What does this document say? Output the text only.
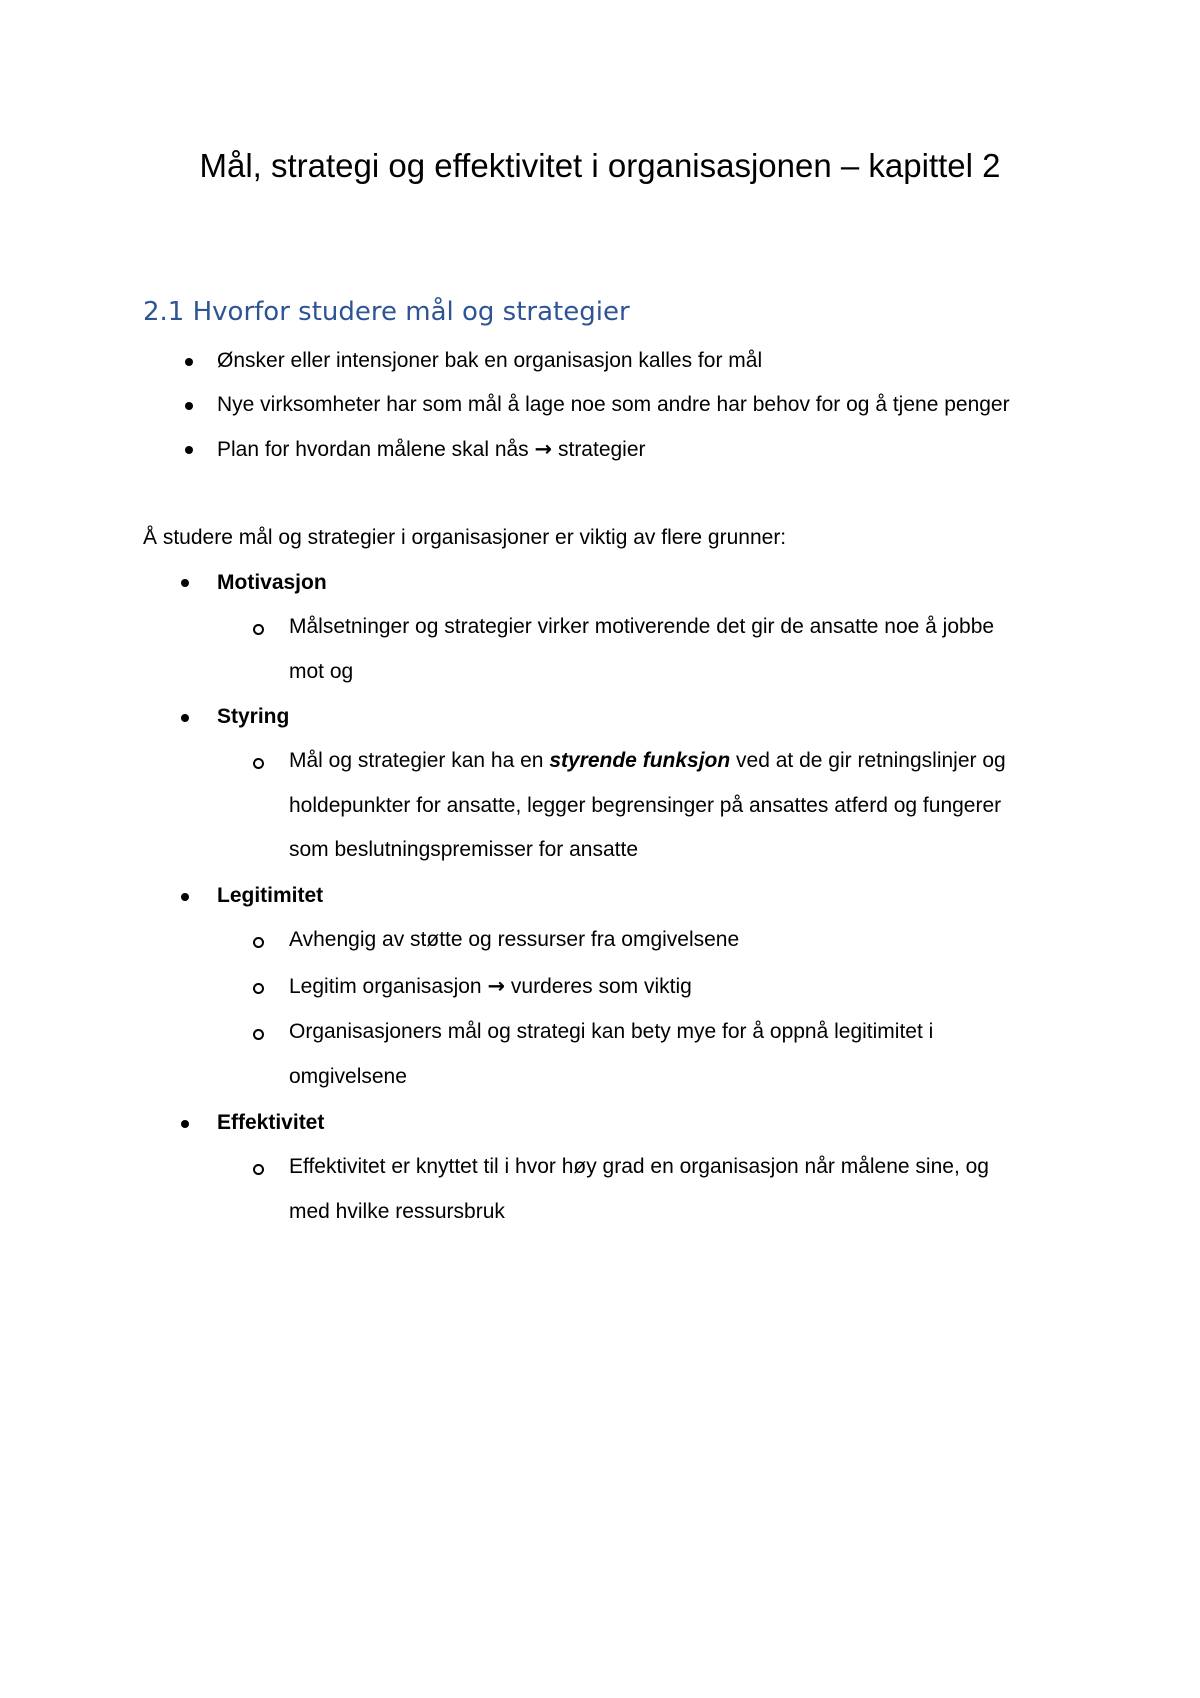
Mål, strategi og effektivitet i organisasjonen – kapittel 2
2.1 Hvorfor studere mål og strategier
Ønsker eller intensjoner bak en organisasjon kalles for mål
Nye virksomheter har som mål å lage noe som andre har behov for og å tjene penger
Plan for hvordan målene skal nås → strategier
Å studere mål og strategier i organisasjoner er viktig av flere grunner:
Motivasjon
Målsetninger og strategier virker motiverende det gir de ansatte noe å jobbe
mot og
Styring
Mål og strategier kan ha en styrende funksjon ved at de gir retningslinjer og
holdepunkter for ansatte, legger begrensinger på ansattes atferd og fungerer
som beslutningspremisser for ansatte
Legitimitet
Avhengig av støtte og ressurser fra omgivelsene
Legitim organisasjon → vurderes som viktig
Organisasjoners mål og strategi kan bety mye for å oppnå legitimitet i
omgivelsene
Effektivitet
Effektivitet er knyttet til i hvor høy grad en organisasjon når målene sine, og
med hvilke ressursbruk
